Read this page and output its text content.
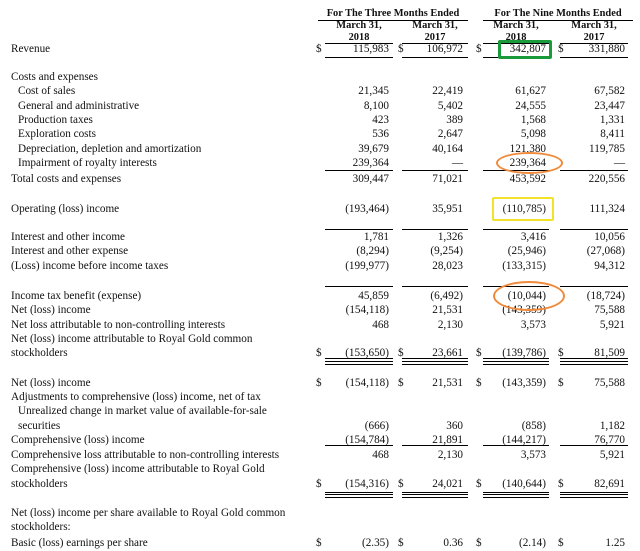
For The Three Months Ended	For The Nine Months Ended
March 31,
2018
March 31,
2017
March 31,
2018
March 31,
2017
Revenue	$	115,983 $	106,972 $	342,807 $	331,880
Costs and expenses
Cost of sales	21,345	22,419	61,627	67,582
General and administrative	8,100	5,402	24,555	23,447
Production taxes	423	389	1,568	1,331
Exploration costs	536	2,647	5,098	8,411
Depreciation, depletion and amortization	39,679	40,164	121,380	119,785
Impairment of royalty interests	239,364	—	239,364	—
Total costs and expenses	309,447	71,021	453,592	220,556
Operating (loss) income	(193,464)	35,951	(110,785)	111,324
Interest and other income	1,781	1,326	3,416	10,056
Interest and other expense	(8,294)	(9,254)	(25,946)	(27,068)
(Loss) income before income taxes	(199,977)	28,023	(133,315)	94,312
Income tax benefit (expense)	45,859	(6,492)	(10,044)	(18,724)
Net (loss) income	(154,118)	21,531	(143,359)	75,588
Net loss attributable to non-controlling interests	468	2,130	3,573	5,921
Net (loss) income attributable to Royal Gold common
stockholders	$	(153,650) $	23,661 $	(139,786) $	81,509
Net (loss) income	$	(154,118) $	21,531 $	(143,359) $	75,588
Adjustments to comprehensive (loss) income, net of tax
Unrealized change in market value of available-for-sale
securities	(666)	360	(858)	1,182
Comprehensive (loss) income	(154,784)	21,891	(144,217)	76,770
Comprehensive loss attributable to non-controlling interests	468	2,130	3,573	5,921
Comprehensive (loss) income attributable to Royal Gold
stockholders	$	(154,316) $	24,021 $	(140,644) $	82,691
Net (loss) income per share available to Royal Gold common
stockholders:
Basic (loss) earnings per share	$	(2.35) $	0.36 $	(2.14) $	1.25
